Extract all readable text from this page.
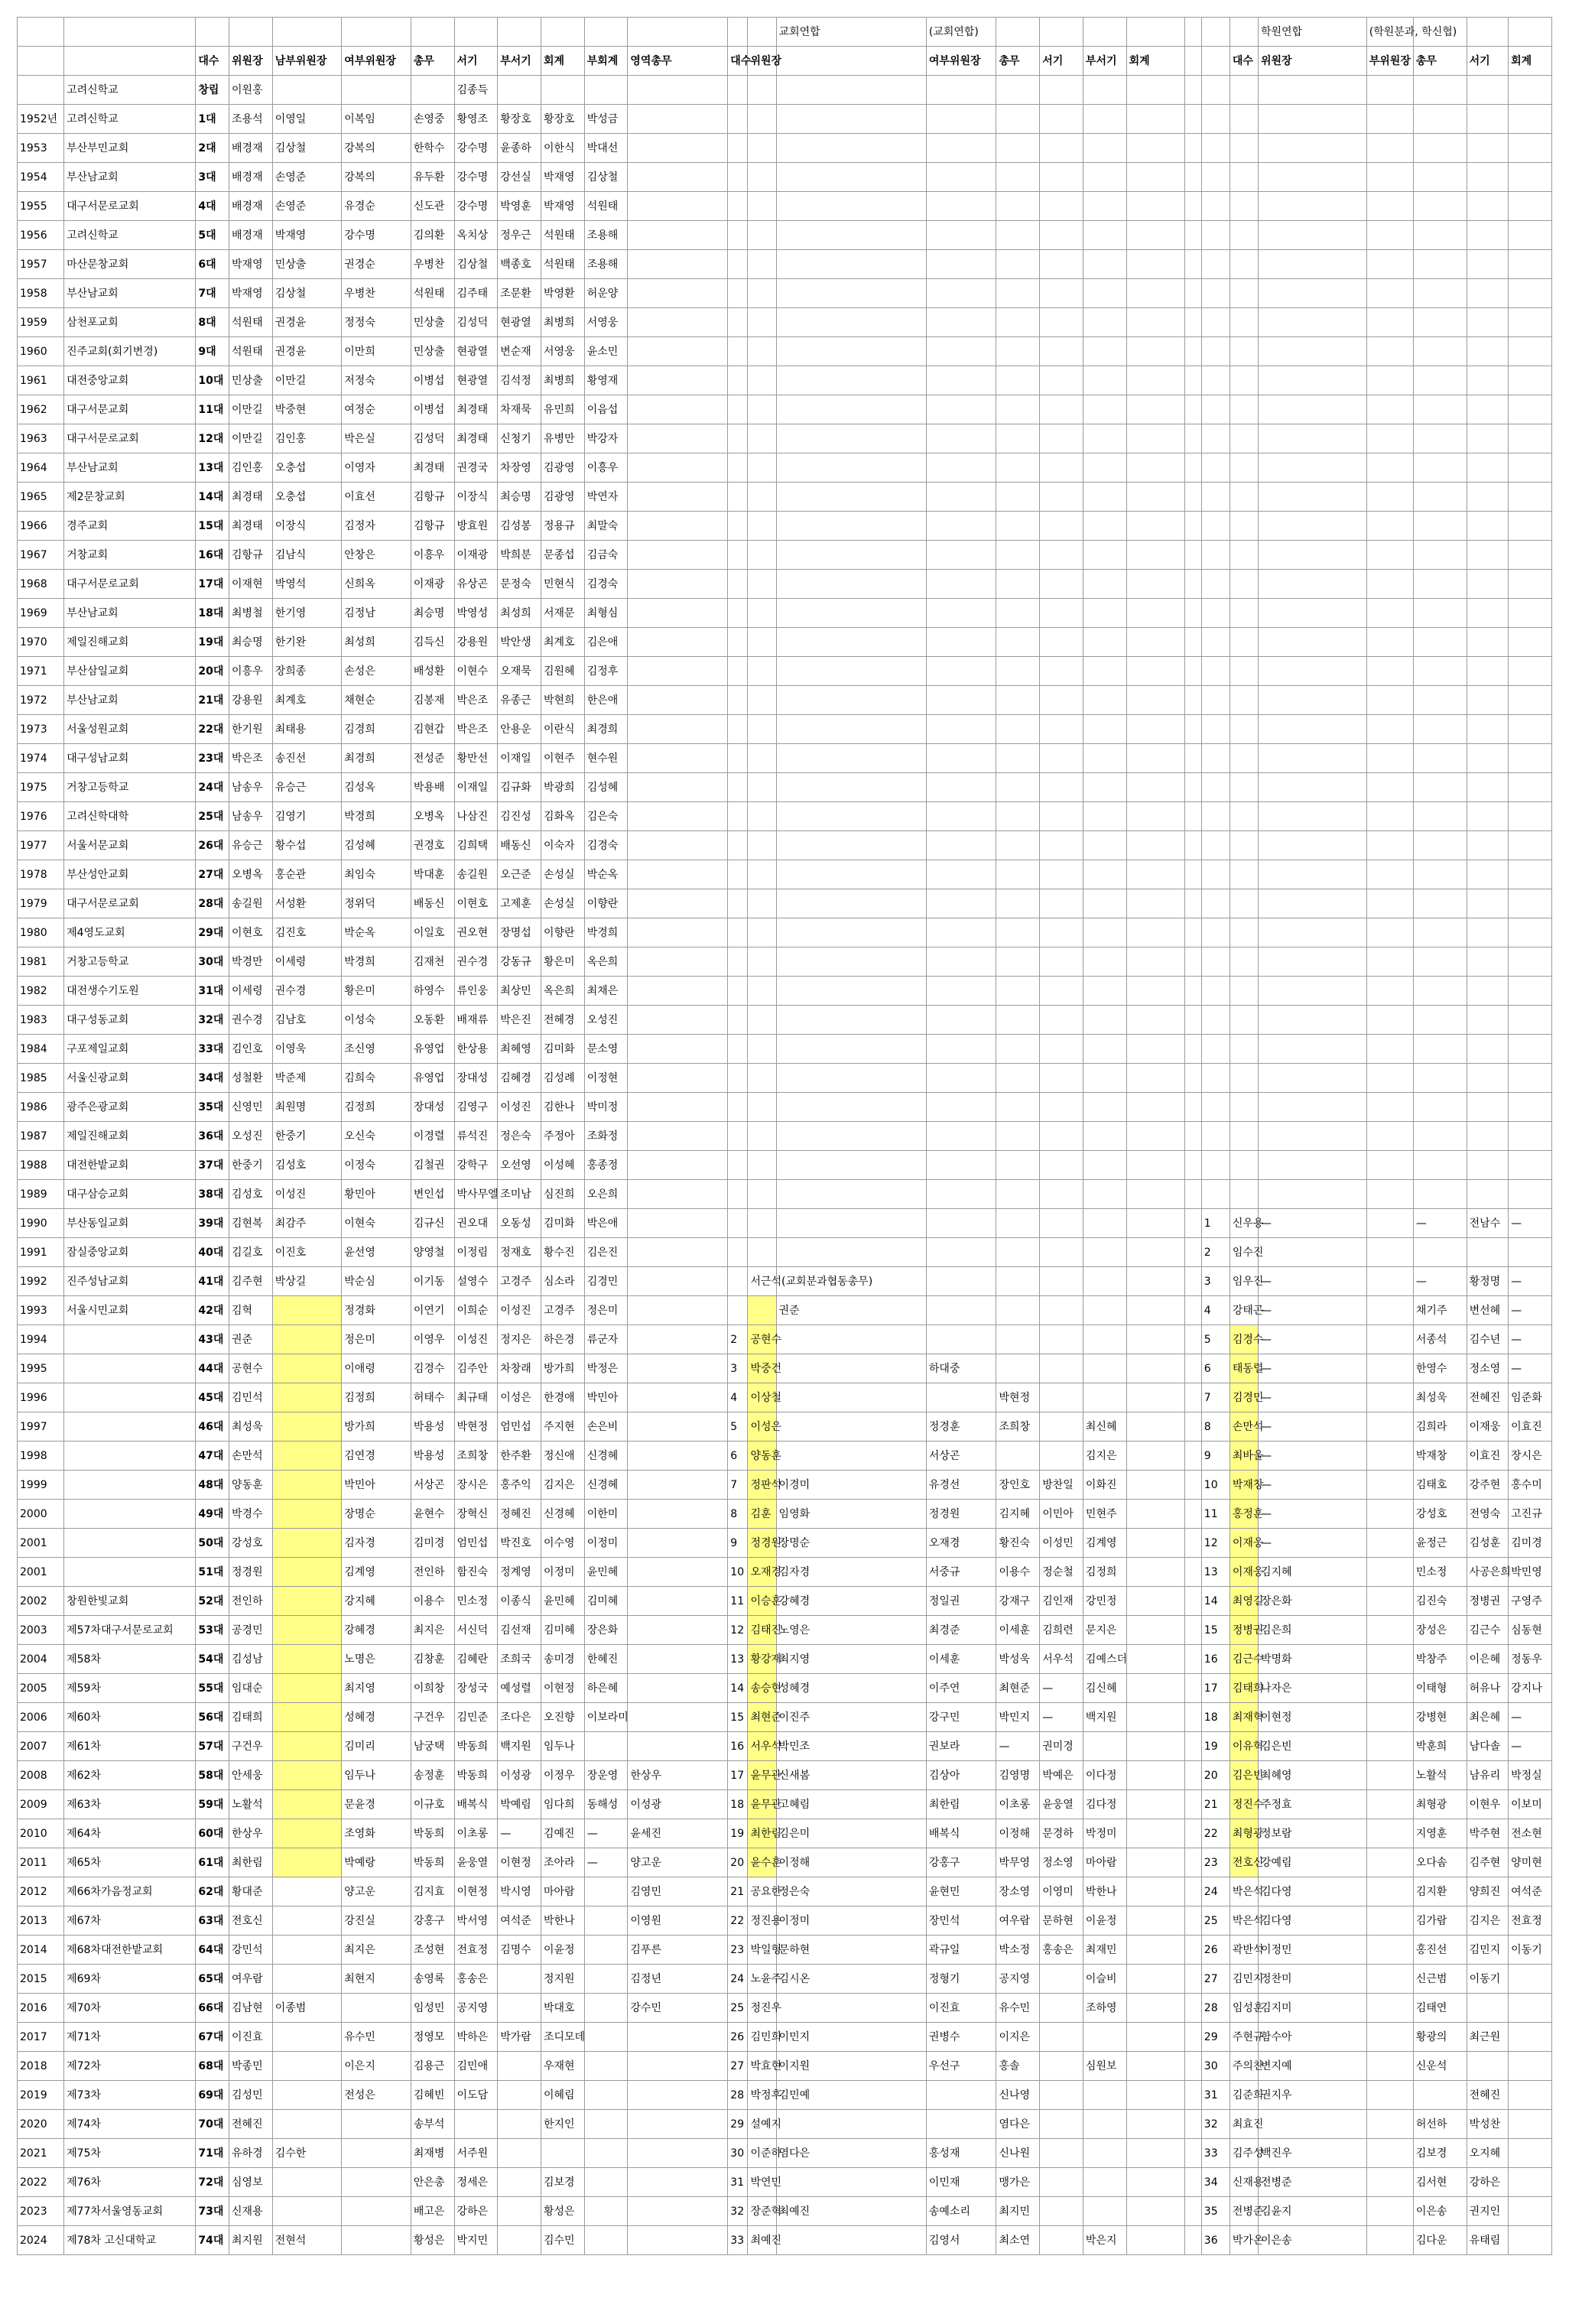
														교회연합	(교회연합)								학원연합	(학원분과, 학신협)			
		대수	위원장	남부위원장	여부위원장	총무	서기	부서기	회계	부회계	영역총무	대수	위원장		여부위원장	총무	서기	부서기	회계			대수	위원장	부위원장	총무	서기	회계
	고려신학교	창립	이원홍				김종득																				
1952년	고려신학교	1대	조용석	이영일	이복임	손영중	황영조	황장호	황장호	박성금																	
1953	부산부민교회	2대	배경재	김상철	강복의	한학수	강수명	윤종하	이한식	박대선																	
1954	부산남교회	3대	배경재	손영준	강복의	유두환	강수명	강선실	박재영	김상철																	
1955	대구서문로교회	4대	배경재	손영준	유경순	신도관	강수명	박영훈	박재영	석원태																	
1956	고려신학교	5대	배경재	박재영	강수명	김의환	옥치상	정우근	석원태	조용해																	
1957	마산문창교회	6대	박재영	민상출	권경순	우병찬	김상철	백종호	석원태	조용해																	
1958	부산남교회	7대	박재영	김상철	우병찬	석원태	김주태	조문환	박영환	허운양																	
1959	삼천포교회	8대	석원태	권경윤	정정숙	민상출	김성덕	현광열	최병희	서영웅																	
1960	진주교회(회기변경)	9대	석원태	권경윤	이만희	민상출	현광열	변순재	서영웅	윤소민																	
1961	대전중앙교회	10대	민상출	이만길	저정숙	이병섭	현광열	김석정	최병희	황영재																	
1962	대구서문교회	11대	이만길	박중현	여정순	이병섭	최경태	차재묵	유민희	이음섭																	
1963	대구서문로교회	12대	이만길	김인홍	박은실	김성덕	최경태	신청기	유병만	박강자																	
1964	부산남교회	13대	김인홍	오충섭	이영자	최경태	권경국	차장영	김광영	이흥우																	
1965	제2문창교회	14대	최경태	오충섭	이효선	김항규	이장식	최승명	김광영	박연자																	
1966	경주교회	15대	최경태	이장식	김정자	김항규	방효원	김성봉	정용규	최말숙																	
1967	거창교회	16대	김항규	김남식	안창은	이흥우	이재광	박희분	문종섭	김금숙																	
1968	대구서문로교회	17대	이재현	박영석	신희옥	이재광	유상곤	문정숙	민현식	김경숙																	
1969	부산남교회	18대	최병철	한기영	김정남	최승명	박영성	최성희	서재문	최형심																	
1970	제일진해교회	19대	최승명	한기완	최성희	김득신	강용원	박안생	최계호	김은애																	
1971	부산삼일교회	20대	이흥우	장희종	손성은	배성환	이현수	오재묵	김원혜	김정후																	
1972	부산남교회	21대	강용원	최계호	채현순	김봉재	박은조	유종근	박현희	한은애																	
1973	서울성원교회	22대	한기원	최태용	김경희	김현갑	박은조	안용운	이란식	최경희																	
1974	대구성남교회	23대	박은조	송진선	최경희	전성준	황만선	이재일	이현주	현수원																	
1975	거창고등학교	24대	남송우	유승근	김성옥	박용배	이재일	김규화	박광희	김성혜																	
1976	고려신학대학	25대	남송우	김영기	박경희	오병옥	나삼진	김진성	김화옥	김은숙																	
1977	서울서문교회	26대	유승근	황수섭	김성혜	권경호	김희택	배동신	이숙자	김경숙																	
1978	부산성안교회	27대	오병옥	홍순관	최임숙	박대훈	송길원	오근준	손성실	박순옥																	
1979	대구서문로교회	28대	송길원	서성환	정위덕	배동신	이현호	고제훈	손성실	이향란																	
1980	제4영도교회	29대	이현호	김진호	박순옥	이일호	권오현	장명섭	이향란	박경희																	
1981	거창고등학교	30대	박경만	이세령	박경희	김재천	권수경	강동규	황은미	옥은희																	
1982	대전생수기도원	31대	이세령	권수경	황은미	하영수	류인웅	최상민	옥은희	최채은																	
1983	대구성동교회	32대	권수경	김남호	이성숙	오동환	배재류	박은진	전혜경	오성진																	
1984	구포제일교회	33대	김인호	이영욱	조신영	유영업	한상용	최혜영	김미화	문소영																	
1985	서울신광교회	34대	성철환	박준제	김희숙	유영업	장대성	김혜경	김성례	이정현																	
1986	광주은광교회	35대	신영민	최원명	김정희	장대성	김영구	이성진	김한나	박미정																	
1987	제일진해교회	36대	오성진	한중기	오신숙	이경렬	류석진	정은숙	주정아	조화정																	
1988	대전한밭교회	37대	한중기	김성호	이정숙	김철권	강학구	오선영	이성혜	홍종정																	
1989	대구삼승교회	38대	김성호	이성진	황민아	변인섭	박사무엘	조미남	심진희	오은희																	
1990	부산동일교회	39대	김현복	최감주	이현숙	김규신	권오대	오동성	김미화	박은애											1	신우용	—		—	전남수	—
1991	잠실중앙교회	40대	김길호	이진호	윤선영	양영철	이정림	정재호	황수진	김은진											2	임수진					
1992	진주성남교회	41대	김주현	박상길	박순심	이기동	설영수	고경주	심소라	김경민			서근석(교회분과협동총무)								3	임우진	—		—	황정명	—
1993	서울시민교회	42대	김혁		정경화	이연기	이희순	이성진	고경주	정은미				권준							4	강태곤	—		채기주	변선혜	—
1994		43대	권준		정은미	이영우	이성진	정지은	하은경	류군자		2	공현수								5	김경수	—		서종석	김수년	—
1995		44대	공현수		이애령	김경수	김주안	차창래	방가희	박정은		3	박중건		하대중						6	태동렬	—		한영수	정소영	—
1996		45대	김민석		김정희	허태수	최규태	이성은	한경애	박민아		4	이상철			박현정					7	김경민	—		최성욱	전혜진	임준화
1997		46대	최성욱		방가희	박용성	박현정	엄민섭	주지현	손은비		5	이성은		정경훈	조희창		최신혜			8	손만석	—		김희라	이재웅	이효진
1998		47대	손만석		김연경	박용성	조희창	한주환	정신애	신경혜		6	양동훈		서상곤			김지은			9	최바울	—		박재창	이효진	장시은
1999		48대	양동훈		박민아	서상곤	장시은	홍주익	김지은	신경혜		7	정판석	이경미	유경선	장인호	방찬일	이화진			10	박재창	—		김태호	강주현	홍수미
2000		49대	박경수		장명순	윤현수	장혁신	정혜진	신경혜	이한미		8	김훈	임영화	정경원	김지혜	이민아	민현주			11	홍정훈	—		강성호	전영숙	고진규
2001		50대	강성호		김자경	김미경	엄민섭	박진호	이수영	이정미		9	정경원	장명순	오재경	황진숙	이성민	김계영			12	이재웅	—		윤정근	김성훈	김미경
2001		51대	정경원		김계영	전인하	함진숙	정계영	이정미	윤민혜		10	오재경	김자경	서중규	이용수	정순철	김정희			13	이재웅	김지혜		민소정	사공은희	박민영
2002	창원한빛교회	52대	전인하		강지혜	이용수	민소정	이종식	윤민혜	김미혜		11	이승훈	강혜경	정일권	강재구	김인재	강민정			14	최영길	장은화		김진숙	정병권	구영주
2003	제57차대구서문로교회	53대	공경민		강혜경	최지은	서신덕	김선재	김미혜	장은화		12	김태진	노영은	최경준	이세훈	김희련	문지은			15	정병권	김은희		장성은	김근수	심동현
2004	제58차	54대	김성남		노명은	김창훈	김혜란	조희국	송미경	한혜진		13	황강재	최지영	이세훈	박성욱	서우석	김예스더			16	김근수	박명화		박창주	이은혜	정동우
2005	제59차	55대	임대순		최지영	이희창	장성국	예성렬	이현정	하은혜		14	송승현	성혜경	이주연	최현준	—	김신혜			17	김태희	나자은		이태형	허유나	강지나
2006	제60차	56대	김태희		성혜경	구건우	김민준	조다은	오진향	이보라미		15	최현준	이진주	강구민	박민지	—	백지원			18	최재혁	이현정		강병현	최은혜	—
2007	제61차	57대	구건우		김미리	남궁택	박동희	백지원	임두나			16	서우석	박민조	권보라	—	권미경				19	이유혁	김은빈		박훈희	남다솔	—
2008	제62차	58대	안세웅		임두나	송정훈	박동희	이성광	이정우	장운영	한상우	17	윤무관	신새봄	김상아	김영명	박예은	이다정			20	김은빈	최혜영		노활석	남유리	박정실
2009	제63차	59대	노활석		문윤경	이규호	배복식	박예림	임다희	동해성	이성광	18	윤무관	고혜림	최한림	이초롱	윤웅열	김다정			21	정진수	주정효		최형광	이현우	이보미
2010	제64차	60대	한상우		조영화	박동희	이초롱	—	김예진	—	윤세진	19	최한림	김은미	배복식	이정해	문경하	박정미			22	최형광	정보람		지영훈	박주현	전소현
2011	제65차	61대	최한림		박예랑	박동희	윤웅열	이현정	조아라	—	양고운	20	윤수훈	이정해	강홍구	박무영	정소영	마아람			23	전호신	강예림		오다솜	김주현	양미현
2012	제66차가음정교회	62대	황대준		양고운	김지효	이현정	박시영	마아람		김영민	21	공요한	정은숙	윤현민	장소영	이영미	박한나			24	박은석	김다영		김지환	양희진	여석준
2013	제67차	63대	전호신		강진실	강홍구	박서영	여석준	박한나		이영원	22	정진용	이정미	장민석	여우람	문하현	이윤정			25	박은석	김다영		김가람	김지은	전효정
2014	제68차대전한밭교회	64대	강민석		최지은	조성현	전효정	김명수	이윤정		김푸른	23	박일형	문하현	곽규일	박소정	홍송은	최재민			26	곽반석	이정민		홍진선	김민지	이동기
2015	제69차	65대	여우람		최현지	송영록	홍송은		정지원		김정년	24	노윤주	김시온	정형기	공지영		이슬비			27	김민지	정찬미		신근범	이동기	
2016	제70차	66대	김남현	이종범		임성민	공지영		박대호		강수민	25	정진우		이진효	유수민		조하영			28	임성훈	김지미		김태연		
2017	제71차	67대	이진효		유수민	정영모	박하은	박가람	조디모데			26	김민희	이민지	권병수	이지은					29	주현규	함수아		황광의	최근원	
2018	제72차	68대	박종민		이은지	김용근	김민애		우재현			27	박효현	이지원	우선구	홍솔		심원보			30	주의찬	변지예		신운석		
2019	제73차	69대	김성민		전성은	김혜빈	이도담		이혜림			28	박정후	김민예		신나영					31	김준희	권지우			전혜진	
2020	제74차	70대	전혜진			송부석			한지인			29	설예지			염다은					32	최효진			허선하	박성찬	
2021	제75차	71대	유하경	김수한		최재병	서주원					30	이준하	염다은	홍성재	신나원					33	김주성	백진우		김보경	오지혜	
2022	제76차	72대	심영보			안은총	정세은		김보경			31	박연민		이민재	맹가은					34	신재용	전병준		김서현	강하은	
2023	제77차서울영동교회	73대	신재용			배고은	강하은		황성은			32	장준혁	최예진	송예소리	최지민					35	전병준	김윤지		이은송	권지인	
2024	제78차 고신대학교	74대	최지원	전현석		황성은	박지민		김수민			33	최예진		김영서	최소연		박은지			36	박가온	이은송		김다운	유태림	
